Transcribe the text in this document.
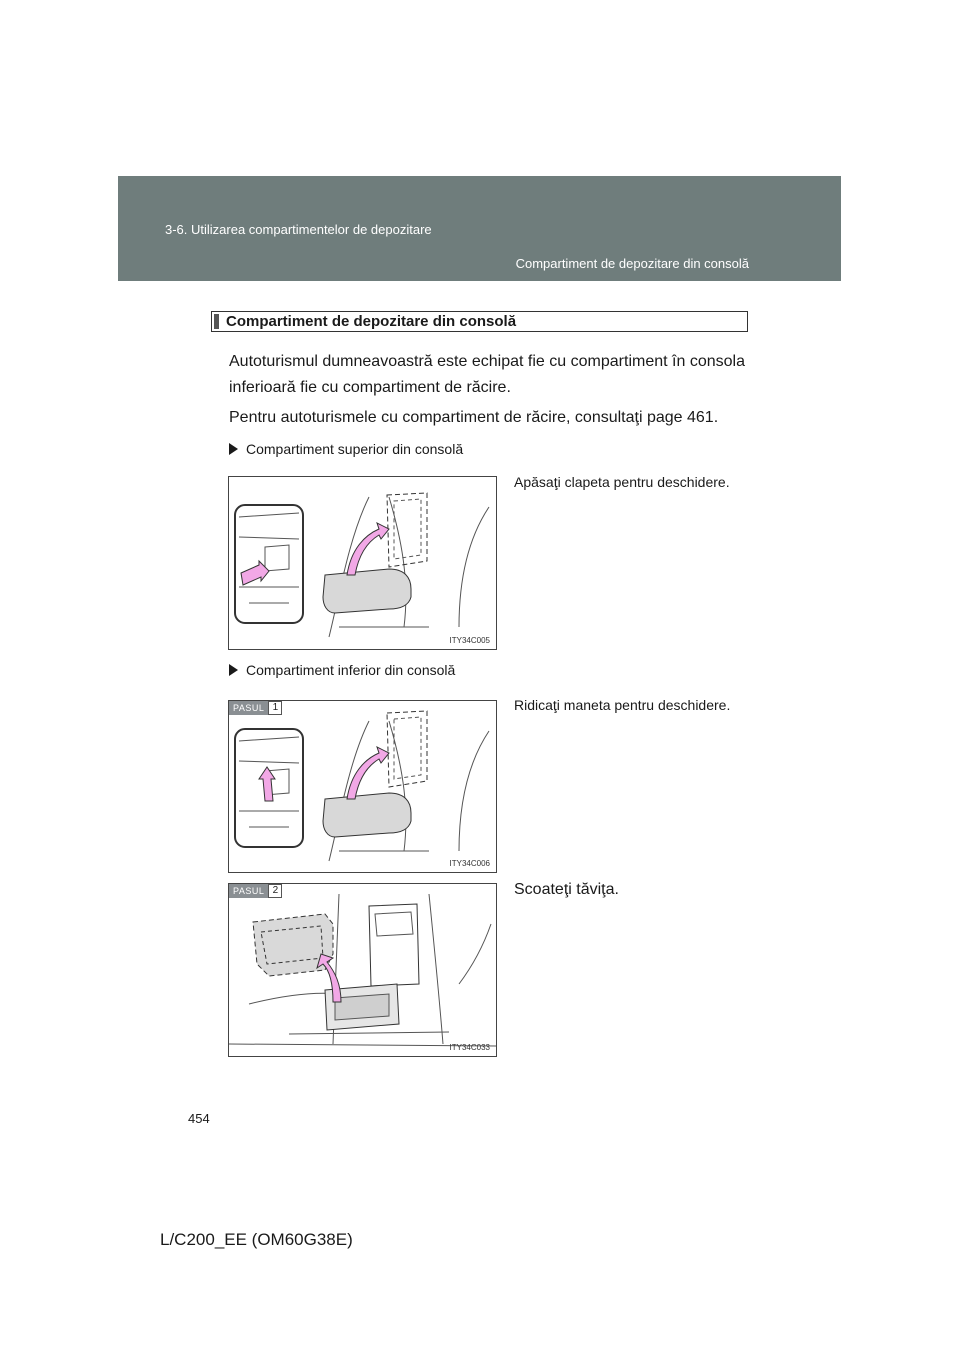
3-6. Utilizarea compartimentelor de depozitare
Compartiment de depozitare din consolă
Compartiment de depozitare din consolă

Autoturismul dumneavoastră este echipat fie cu compartiment în consola inferioară fie cu compartiment de răcire.

Pentru autoturismele cu compartiment de răcire, consultaţi page 461.

Compartiment superior din consolă
ITY34C005
Apăsaţi clapeta pentru deschidere.
Compartiment inferior din consolă
PASUL 1
ITY34C006
Ridicaţi maneta pentru deschidere.
PASUL 2
ITY34C033
Scoateţi tăviţa.
454
L/C200_EE (OM60G38E)
